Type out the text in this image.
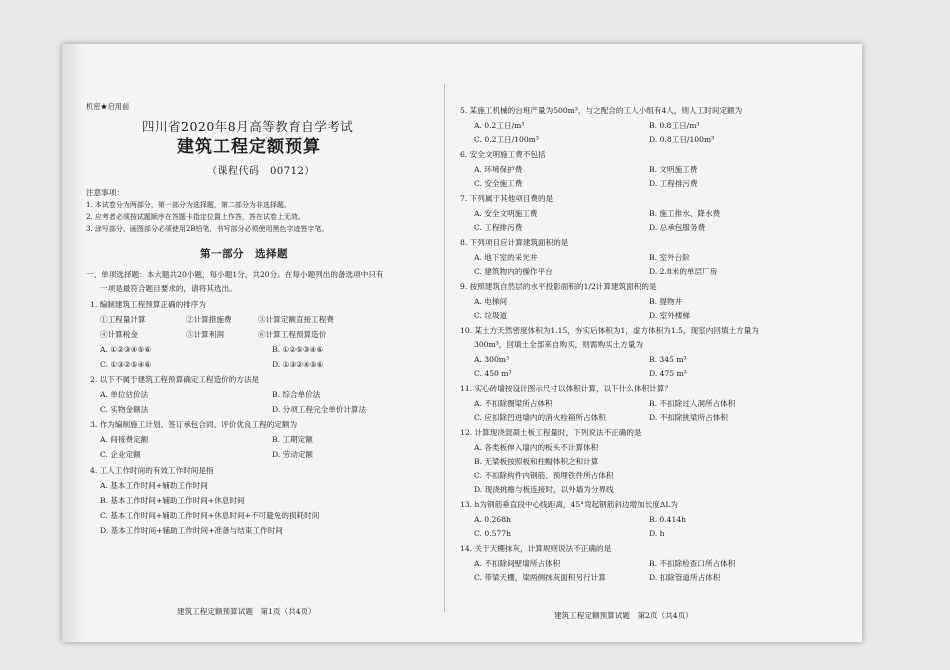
机密★启用前
四川省2020年8月高等教育自学考试
建筑工程定额预算
（课程代码　00712）
注意事项：
1. 本试卷分为两部分，第一部分为选择题，第二部分为非选择题。
2. 应考者必须按试题顺序在答题卡指定位置上作答，答在试卷上无效。
3. 涂写部分、画图部分必须使用2B铅笔，书写部分必须使用黑色字迹签字笔。
第一部分　选择题
一、单项选择题：本大题共20小题，每小题1分，共20分。在每小题列出的备选项中只有
一项是最符合题目要求的，请将其选出。
1. 编制建筑工程预算正确的排序为
①工程量计算	②计算措施费	③计算定额直接工程费
④计算税金	⑤计算利润	⑥计算工程预算造价
A. ①②③④⑤⑥	B. ①②⑤③④⑥
C. ①③②⑤④⑥	D. ①③②④⑤⑥
2. 以下不属于建筑工程预算确定工程造价的方法是
A. 单位估价法	B. 综合单价法
C. 实物金额法	D. 分项工程完全单价计算法
3. 作为编制施工计划、签订承包合同、评价优良工程的定额为
A. 间接费定额	B. 工期定额
C. 企业定额	D. 劳动定额
4. 工人工作时间的有效工作时间是指
A. 基本工作时间+辅助工作时间
B. 基本工作时间+辅助工作时间+休息时间
C. 基本工作时间+辅助工作时间+休息时间+不可避免的损耗时间
D. 基本工作时间+辅助工作时间+准备与结束工作时间
建筑工程定额预算试题　第1页（共4页）
5. 某施工机械的台班产量为500m³，与之配合的工人小组有4人，则人工时间定额为
A. 0.2工日/m³	B. 0.8工日/m³
C. 0.2工日/100m³	D. 0.8工日/100m³
6. 安全文明施工费不包括
A. 环境保护费	B. 文明施工费
C. 安全施工费	D. 工程排污费
7. 下列属于其他项目费的是
A. 安全文明施工费	B. 施工排水、降水费
C. 工程排污费	D. 总承包服务费
8. 下列项目应计算建筑面积的是
A. 地下室的采光井	B. 室外台阶
C. 建筑物内的操作平台	D. 2.8米的单层厂房
9. 按照建筑自然层的水平投影面积的1/2计算建筑面积的是
A. 电梯间	B. 提物井
C. 垃圾道	D. 室外楼梯
10. 某土方天然密度体积为1.15，夯实后体积为1，虚方体积为1.5，现室内回填土方量为
300m³，回填土全部来自购买，则需购买土方量为
A. 300m³	B. 345 m³
C. 450 m³	D. 475 m³
11. 实心砖墙按设计图示尺寸以体积计算，以下什么体积计算？
A. 不扣除圈梁所占体积	B. 不扣除过人洞所占体积
C. 应扣除凹进墙内的消火栓箱所占体积	D. 不扣除挑梁所占体积
12. 计算现浇混凝土板工程量时，下列说法不正确的是
A. 各类板伸入墙内的板头不计算体积
B. 无梁板按照板和柱帽体积之和计算
C. 不扣除构件内钢筋、预埋铁件所占体积
D. 现浇挑檐与板连接时，以外墙为分界线
13. h为钢筋垂直段中心线距离，45°弯起钢筋斜边增加长度ΔL为
A. 0.268h	B. 0.414h
C. 0.577h	D. h
14. 关于天棚抹灰，计算规则说法不正确的是
A. 不扣除间壁墙所占体积	B. 不扣除检查口所占体积
C. 带梁天棚，梁两侧抹灰面积另行计算	D. 扣除管道所占体积
建筑工程定额预算试题　第2页（共4页）
